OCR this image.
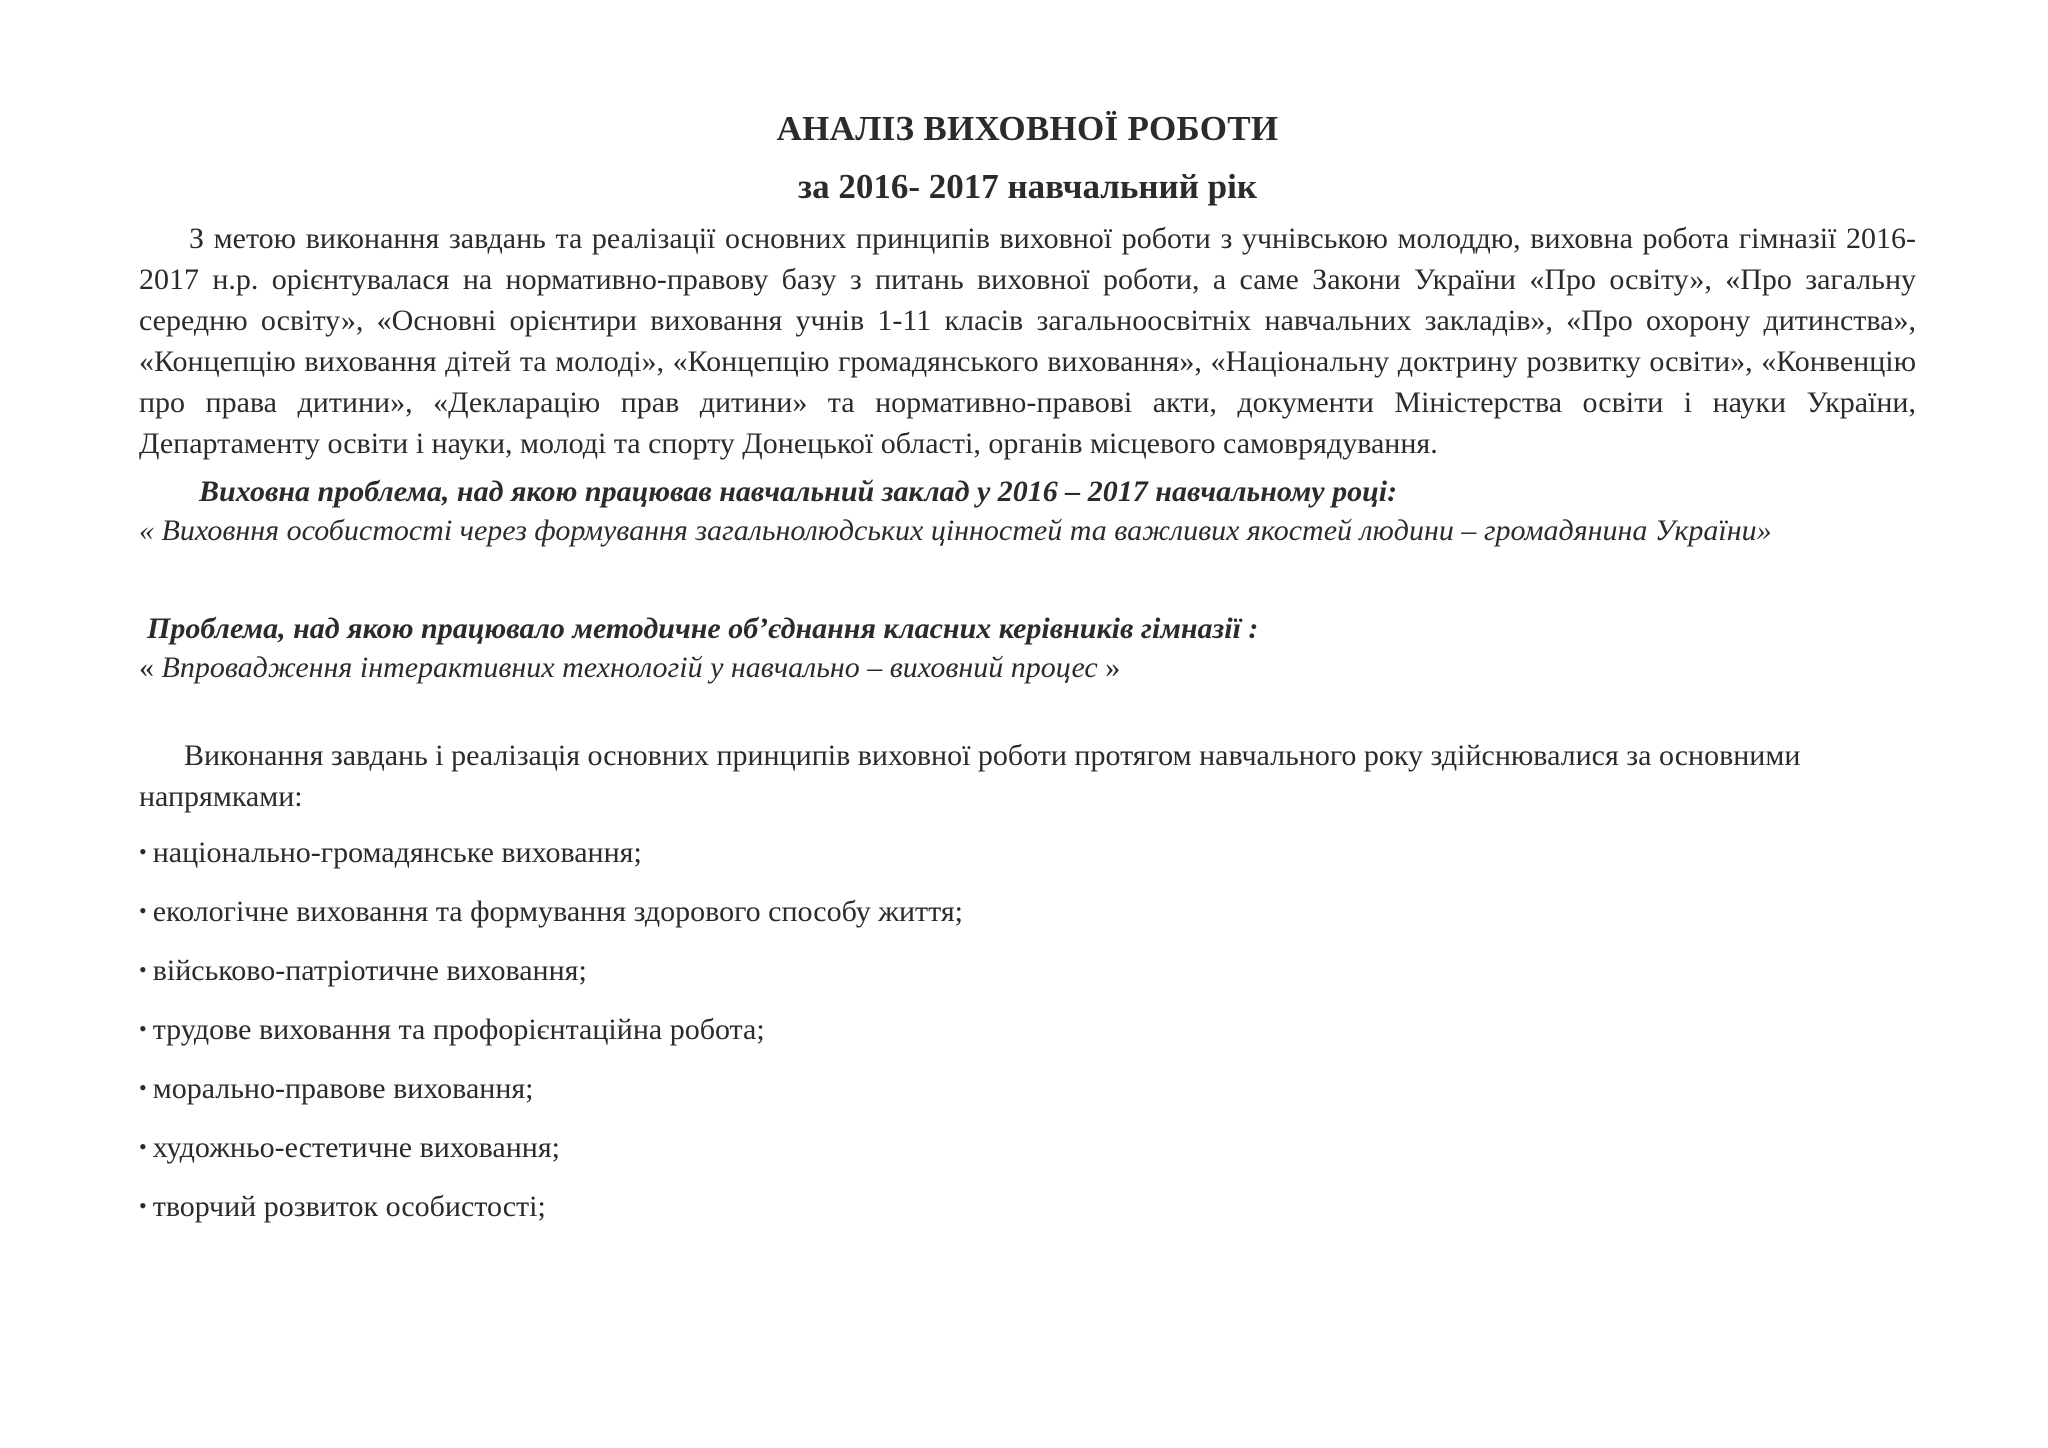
АНАЛІЗ ВИХОВНОЇ РОБОТИ
за 2016- 2017 навчальний рік

З метою виконання завдань та реалізації основних принципів виховної роботи з учнівською молоддю, виховна робота гімназії 2016-2017 н.р. орієнтувалася на нормативно-правову базу з питань виховної роботи, а саме Закони України «Про освіту», «Про загальну середню освіту», «Основні орієнтири виховання учнів 1-11 класів загальноосвітніх навчальних закладів», «Про охорону дитинства», «Концепцію виховання дітей та молоді», «Концепцію громадянського виховання», «Національну доктрину розвитку освіти», «Конвенцію про права дитини», «Декларацію прав дитини» та нормативно-правові акти, документи Міністерства освіти і науки України, Департаменту освіти і науки, молоді та спорту Донецької області, органів місцевого самоврядування.

Виховна проблема, над якою працював навчальний заклад у 2016 – 2017 навчальному році:

« Виховння особистості через формування загальнолюдських цінностей та важливих якостей людини – громадянина України»

Проблема, над якою працювало методичне об’єднання класних керівників гімназії :

« Впровадження інтерактивних технологій у навчально – виховний процес »

Виконання завдань і реалізація основних принципів виховної роботи протягом навчального року здійснювалися за основними напрямками:

• національно-громадянське виховання;
• екологічне виховання та формування здорового способу життя;
• військово-патріотичне виховання;
• трудове виховання та профорієнтаційна робота;
• морально-правове виховання;
• художньо-естетичне виховання;
• творчий розвиток особистості;
